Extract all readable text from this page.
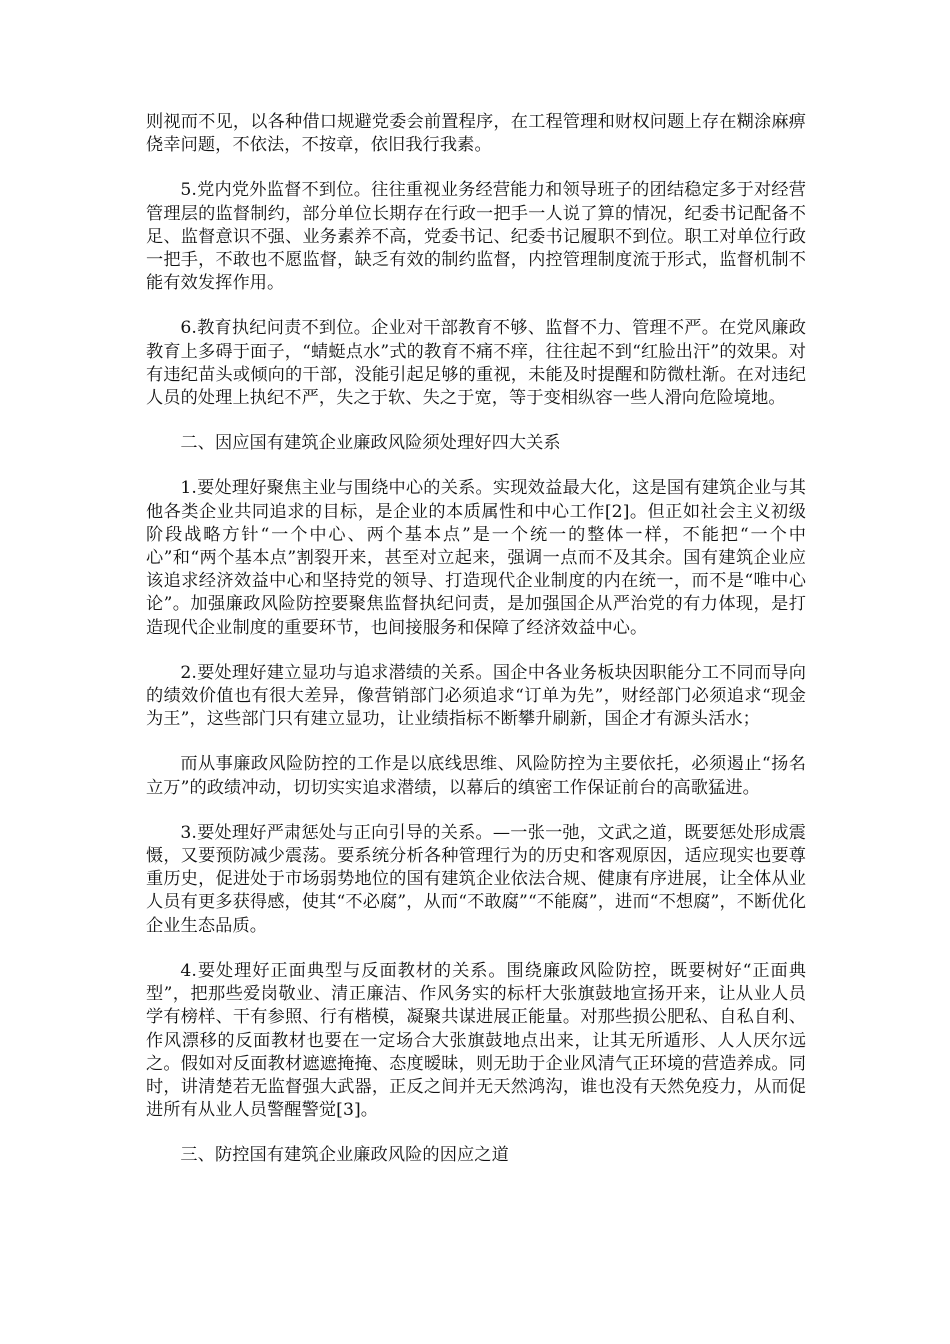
则视而不见，以各种借口规避党委会前置程序，在工程管理和财权问题上存在糊涂麻痹侥幸问题，不依法，不按章，依旧我行我素。

5.党内党外监督不到位。往往重视业务经营能力和领导班子的团结稳定多于对经营管理层的监督制约，部分单位长期存在行政一把手一人说了算的情况，纪委书记配备不足、监督意识不强、业务素养不高，党委书记、纪委书记履职不到位。职工对单位行政一把手，不敢也不愿监督，缺乏有效的制约监督，内控管理制度流于形式，监督机制不能有效发挥作用。

6.教育执纪问责不到位。企业对干部教育不够、监督不力、管理不严。在党风廉政教育上多碍于面子，“蜻蜓点水”式的教育不痛不痒，往往起不到“红脸出汗”的效果。对有违纪苗头或倾向的干部，没能引起足够的重视，未能及时提醒和防微杜渐。在对违纪人员的处理上执纪不严，失之于软、失之于宽，等于变相纵容一些人滑向危险境地。

二、因应国有建筑企业廉政风险须处理好四大关系

1.要处理好聚焦主业与围绕中心的关系。实现效益最大化，这是国有建筑企业与其他各类企业共同追求的目标，是企业的本质属性和中心工作[2]。但正如社会主义初级阶段战略方针“一个中心、两个基本点”是一个统一的整体一样，不能把“一个中心”和“两个基本点”割裂开来，甚至对立起来，强调一点而不及其余。国有建筑企业应该追求经济效益中心和坚持党的领导、打造现代企业制度的内在统一，而不是“唯中心论”。加强廉政风险防控要聚焦监督执纪问责，是加强国企从严治党的有力体现，是打造现代企业制度的重要环节，也间接服务和保障了经济效益中心。

2.要处理好建立显功与追求潜绩的关系。国企中各业务板块因职能分工不同而导向的绩效价值也有很大差异，像营销部门必须追求“订单为先”，财经部门必须追求“现金为王”，这些部门只有建立显功，让业绩指标不断攀升刷新，国企才有源头活水；

而从事廉政风险防控的工作是以底线思维、风险防控为主要依托，必须遏止“扬名立万”的政绩冲动，切切实实追求潜绩，以幕后的缜密工作保证前台的高歌猛进。

3.要处理好严肃惩处与正向引导的关系。—一张一弛，文武之道，既要惩处形成震慑，又要预防减少震荡。要系统分析各种管理行为的历史和客观原因，适应现实也要尊重历史，促进处于市场弱势地位的国有建筑企业依法合规、健康有序进展，让全体从业人员有更多获得感，使其“不必腐”，从而“不敢腐”“不能腐”，进而“不想腐”，不断优化企业生态品质。

4.要处理好正面典型与反面教材的关系。围绕廉政风险防控，既要树好“正面典型”，把那些爱岗敬业、清正廉洁、作风务实的标杆大张旗鼓地宣扬开来，让从业人员学有榜样、干有参照、行有楷模，凝聚共谋进展正能量。对那些损公肥私、自私自利、作风漂移的反面教材也要在一定场合大张旗鼓地点出来，让其无所遁形、人人厌尔远之。假如对反面教材遮遮掩掩、态度暧昧，则无助于企业风清气正环境的营造养成。同时，讲清楚若无监督强大武器，正反之间并无天然鸿沟，谁也没有天然免疫力，从而促进所有从业人员警醒警觉[3]。

三、防控国有建筑企业廉政风险的因应之道
